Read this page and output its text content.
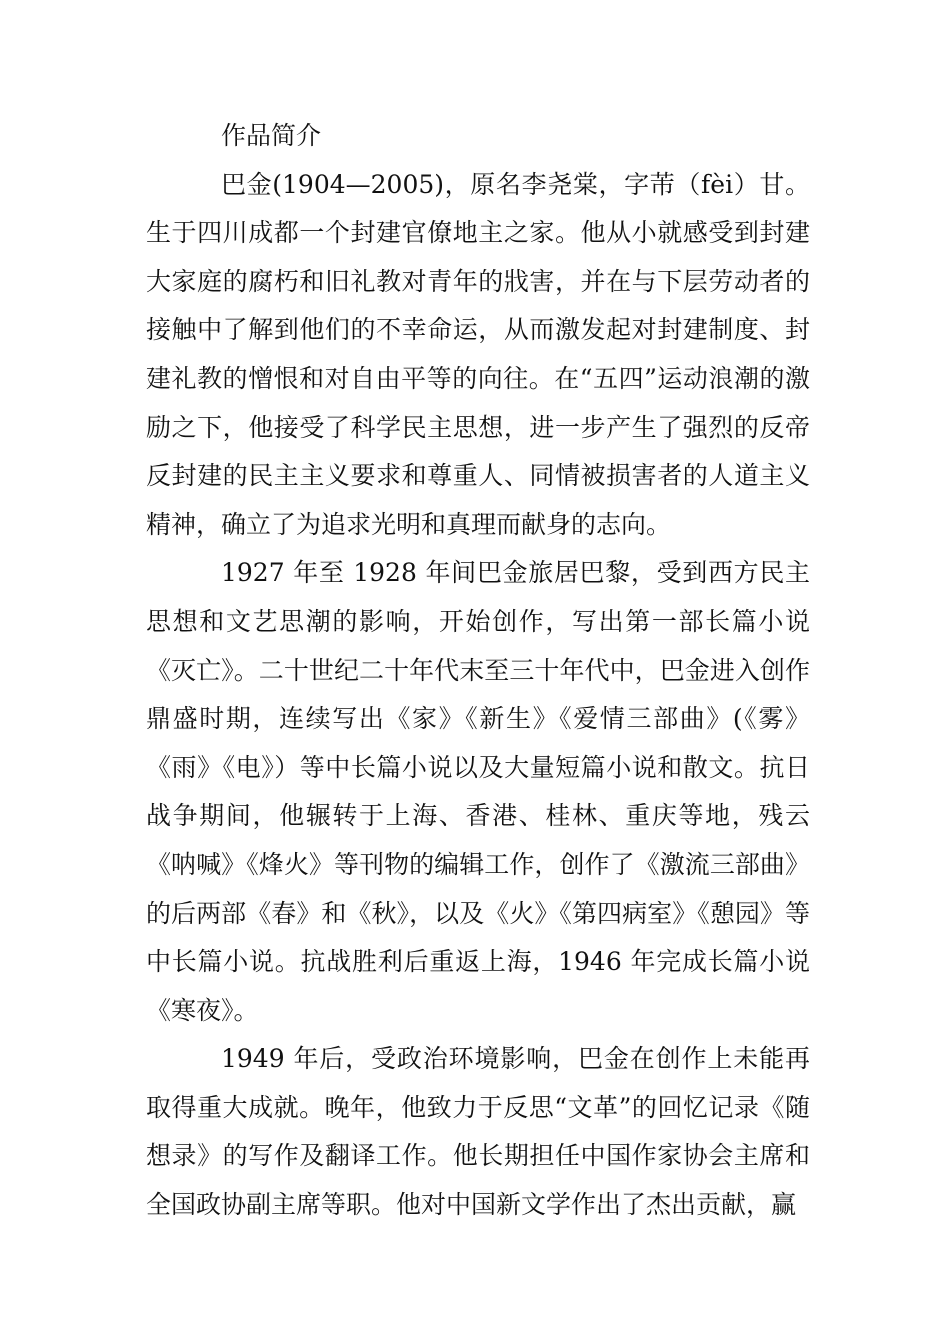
作品简介

巴金(1904—2005)，原名李尧棠，字芾（fèi）甘。生于四川成都一个封建官僚地主之家。他从小就感受到封建大家庭的腐朽和旧礼教对青年的戕害，并在与下层劳动者的接触中了解到他们的不幸命运，从而激发起对封建制度、封建礼教的憎恨和对自由平等的向往。在“五四”运动浪潮的激励之下，他接受了科学民主思想，进一步产生了强烈的反帝反封建的民主主义要求和尊重人、同情被损害者的人道主义精神，确立了为追求光明和真理而献身的志向。

1927 年至 1928 年间巴金旅居巴黎，受到西方民主思想和文艺思潮的影响，开始创作，写出第一部长篇小说《灭亡》。二十世纪二十年代末至三十年代中，巴金进入创作鼎盛时期，连续写出《家》《新生》《爱情三部曲》(《雾》《雨》《电》）等中长篇小说以及大量短篇小说和散文。抗日战争期间，他辗转于上海、香港、桂林、重庆等地，残云《呐喊》《烽火》等刊物的编辑工作，创作了《激流三部曲》的后两部《春》和《秋》，以及《火》《第四病室》《憩园》等中长篇小说。抗战胜利后重返上海，1946 年完成长篇小说《寒夜》。

1949 年后，受政治环境影响，巴金在创作上未能再取得重大成就。晚年，他致力于反思“文革”的回忆记录《随想录》的写作及翻译工作。他长期担任中国作家协会主席和全国政协副主席等职。他对中国新文学作出了杰出贡献，赢
